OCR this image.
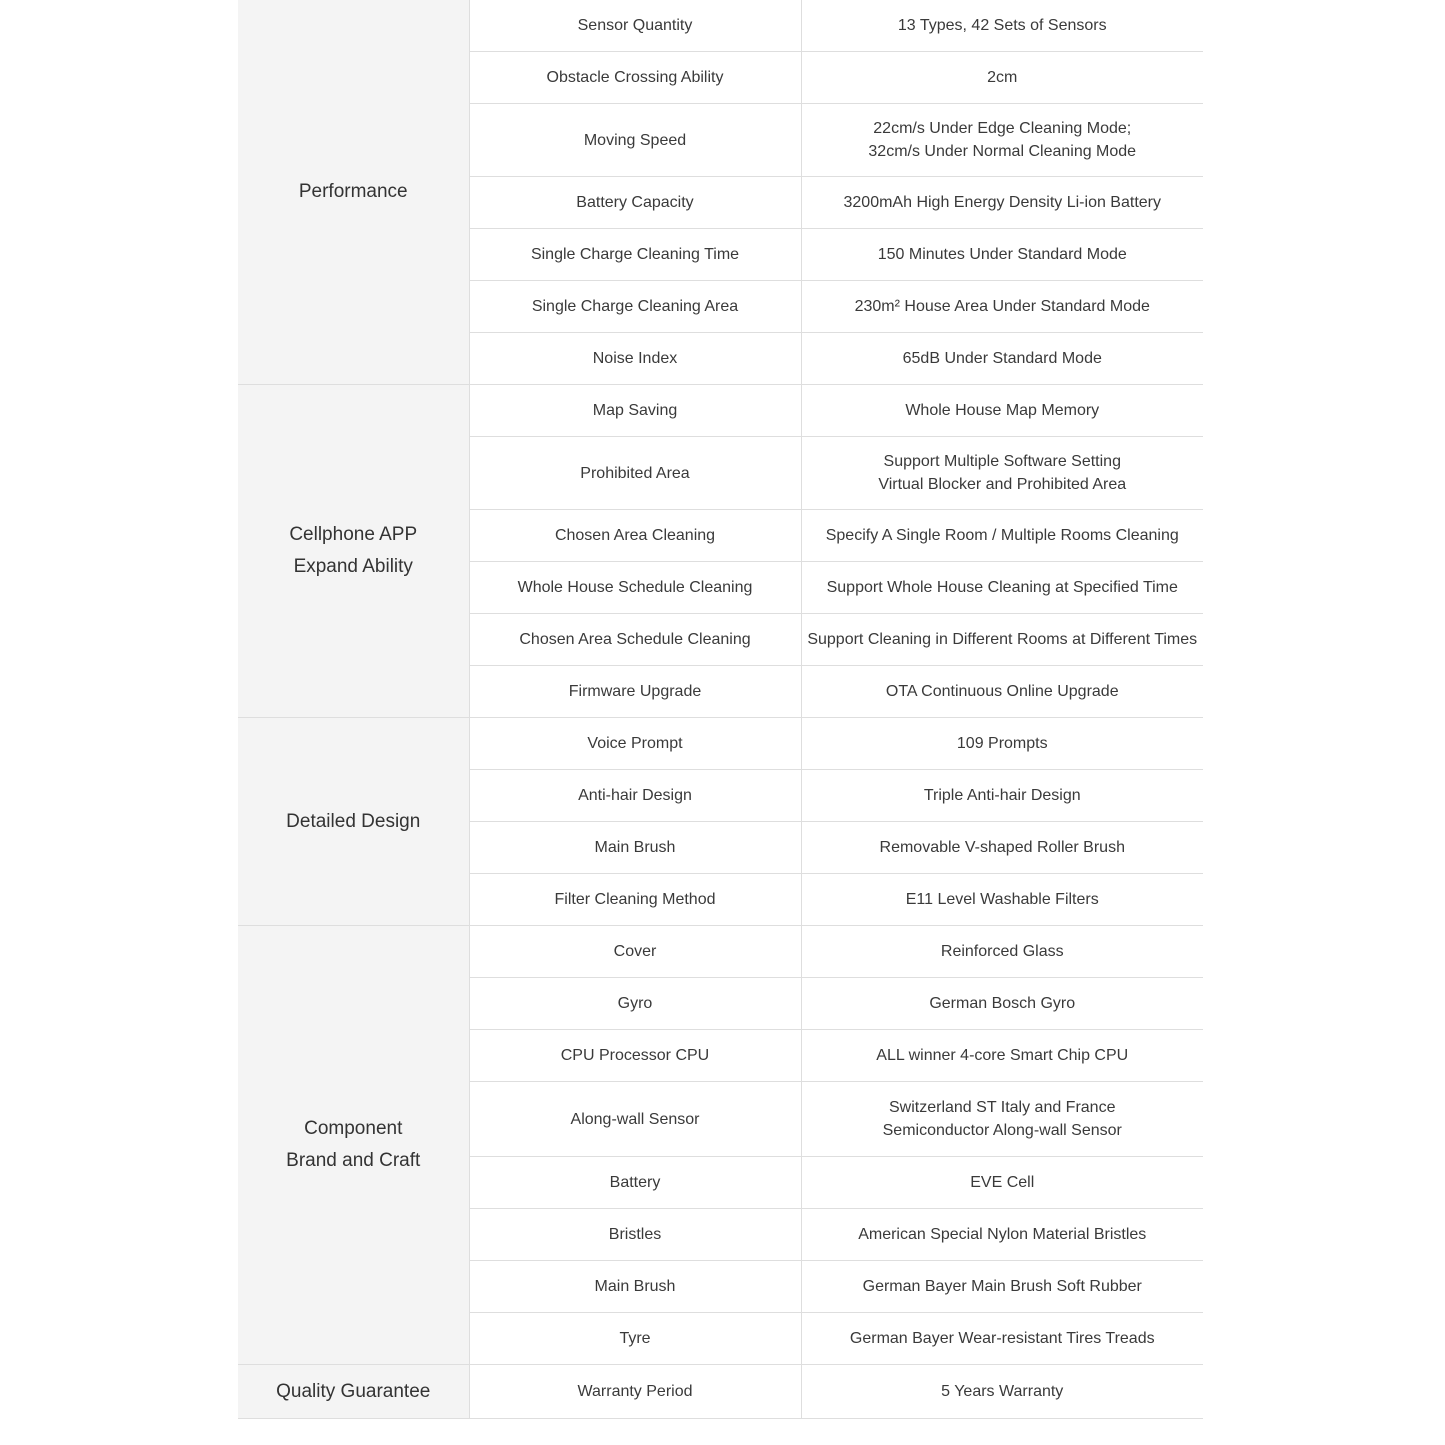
Performance	Sensor Quantity	13 Types, 42 Sets of Sensors

	Obstacle Crossing Ability	2cm

	Moving Speed	22cm/s Under Edge Cleaning Mode;
32cm/s Under Normal Cleaning Mode

	Battery Capacity	3200mAh High Energy Density Li-ion Battery

	Single Charge Cleaning Time	150 Minutes Under Standard Mode

	Single Charge Cleaning Area	230m² House Area Under Standard Mode

	Noise Index	65dB Under Standard Mode

Cellphone APP
Expand Ability	Map Saving	Whole House Map Memory

	Prohibited Area	Support Multiple Software Setting
Virtual Blocker and Prohibited Area

	Chosen Area Cleaning	Specify A Single Room / Multiple Rooms Cleaning

	Whole House Schedule Cleaning	Support Whole House Cleaning at Specified Time

	Chosen Area Schedule Cleaning	Support Cleaning in Different Rooms at Different Times

	Firmware Upgrade	OTA Continuous Online Upgrade

Detailed Design	Voice Prompt	109 Prompts

	Anti-hair Design	Triple Anti-hair Design

	Main Brush	Removable V-shaped Roller Brush

	Filter Cleaning Method	E11 Level Washable Filters

Component
Brand and Craft	Cover	Reinforced Glass

	Gyro	German Bosch Gyro

	CPU Processor CPU	ALL winner 4-core Smart Chip CPU

	Along-wall Sensor	Switzerland ST Italy and France
Semiconductor Along-wall Sensor

	Battery	EVE Cell

	Bristles	American Special Nylon Material Bristles

	Main Brush	German Bayer Main Brush Soft Rubber

	Tyre	German Bayer Wear-resistant Tires Treads

Quality Guarantee	Warranty Period	5 Years Warranty
